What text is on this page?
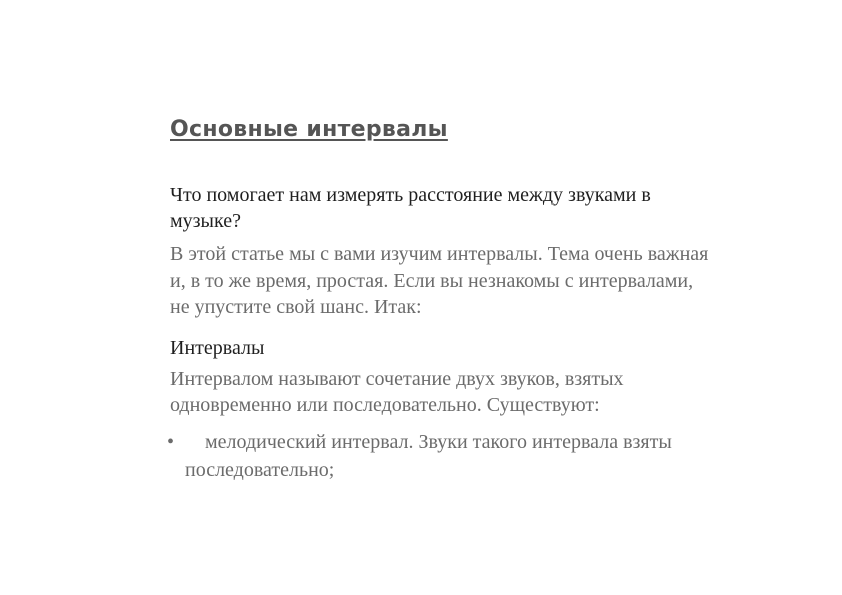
Основные интервалы

Что помогает нам измерять расстояние между звуками в музыке?

В этой статье мы с вами изучим интервалы. Тема очень важная и, в то же время, простая. Если вы незнакомы с интервалами, не упустите свой шанс. Итак:

Интервалы

Интервалом называют сочетание двух звуков, взятых одновременно или последовательно. Существуют:

•	мелодический интервал. Звуки такого интервала взяты последовательно;
